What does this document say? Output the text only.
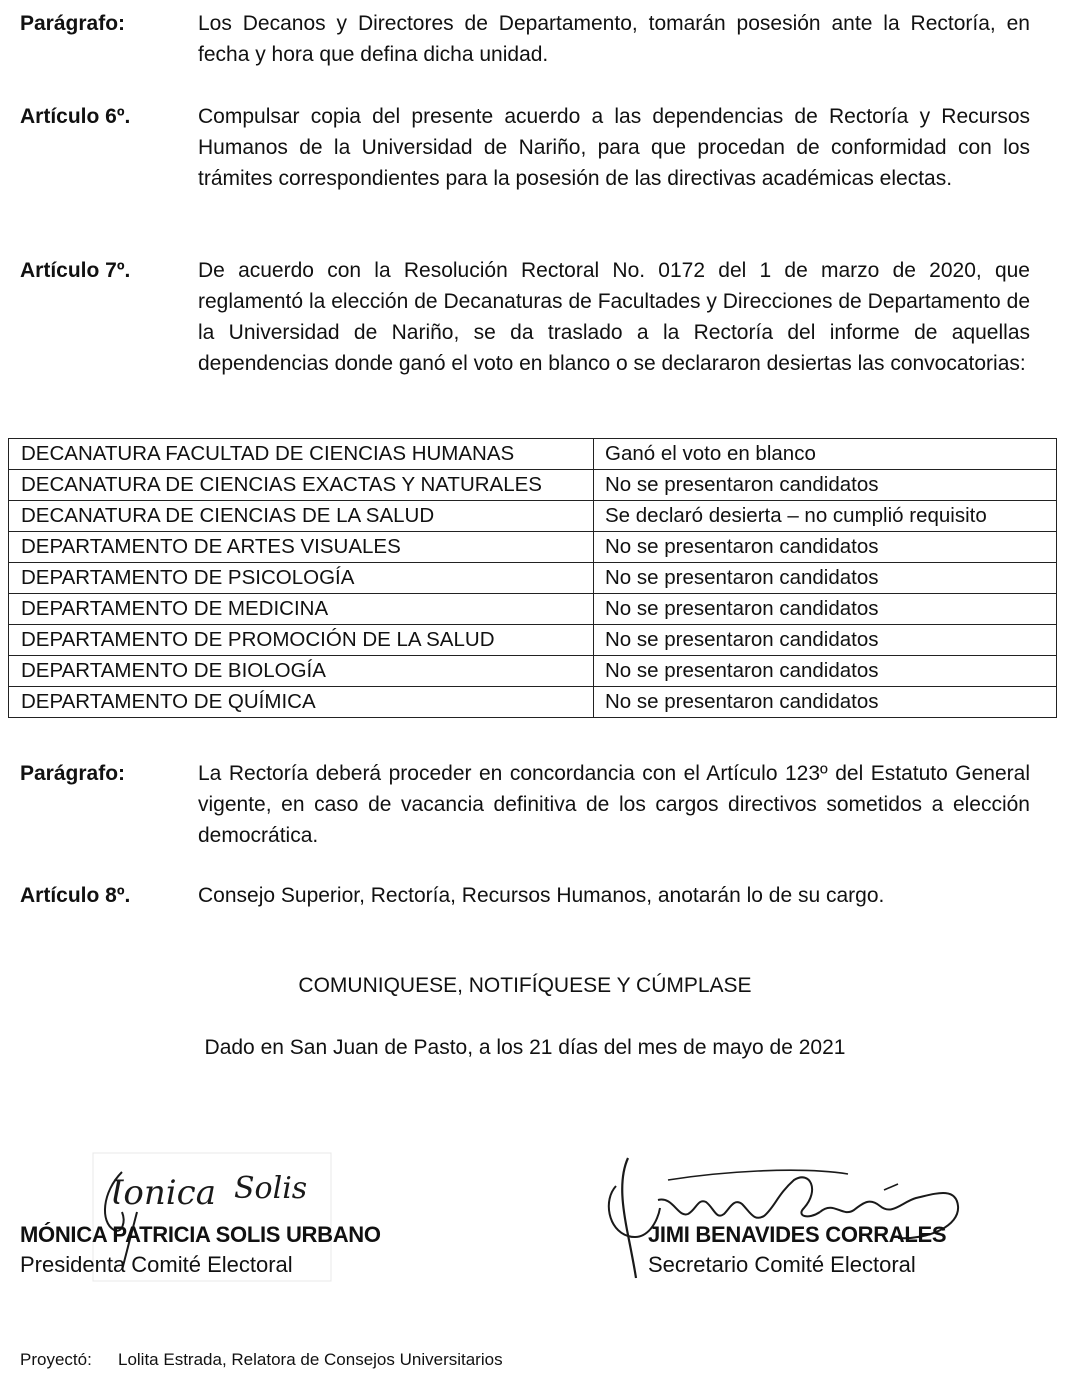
Parágrafo:	Los Decanos y Directores de Departamento, tomarán posesión ante la Rectoría, en fecha y hora que defina dicha unidad.
Artículo 6º.	Compulsar copia del presente acuerdo a las dependencias de Rectoría y Recursos Humanos de la Universidad de Nariño, para que procedan de conformidad con los trámites correspondientes para la posesión de las directivas académicas electas.
Artículo 7º.	De acuerdo con la Resolución Rectoral No. 0172 del 1 de marzo de 2020, que reglamentó la elección de Decanaturas de Facultades y Direcciones de Departamento de la Universidad de Nariño, se da traslado a la Rectoría del informe de aquellas dependencias donde ganó el voto en blanco o se declararon desiertas las convocatorias:
DECANATURA FACULTAD DE CIENCIAS HUMANAS	Ganó el voto en blanco
DECANATURA DE CIENCIAS EXACTAS Y NATURALES	No se presentaron candidatos
DECANATURA DE CIENCIAS DE LA SALUD	Se declaró desierta – no cumplió requisito
DEPARTAMENTO DE ARTES VISUALES	No se presentaron candidatos
DEPARTAMENTO DE PSICOLOGÍA	No se presentaron candidatos
DEPARTAMENTO DE MEDICINA	No se presentaron candidatos
DEPARTAMENTO DE PROMOCIÓN DE LA SALUD	No se presentaron candidatos
DEPARTAMENTO DE BIOLOGÍA	No se presentaron candidatos
DEPARTAMENTO DE QUÍMICA	No se presentaron candidatos
Parágrafo:	La Rectoría deberá proceder en concordancia con el Artículo 123º del Estatuto General vigente, en caso de vacancia definitiva de los cargos directivos sometidos a elección democrática.
Artículo 8º.	Consejo Superior, Rectoría, Recursos Humanos, anotarán lo de su cargo.
COMUNIQUESE, NOTIFÍQUESE Y CÚMPLASE
Dado en San Juan de Pasto, a los 21 días del mes de mayo de 2021
Ɩonica Solis
MÓNICA PATRICIA SOLIS URBANO
Presidenta Comité Electoral
JIMI BENAVIDES CORRALES
Secretario Comité Electoral
Proyectó: Lolita Estrada, Relatora de Consejos Universitarios
